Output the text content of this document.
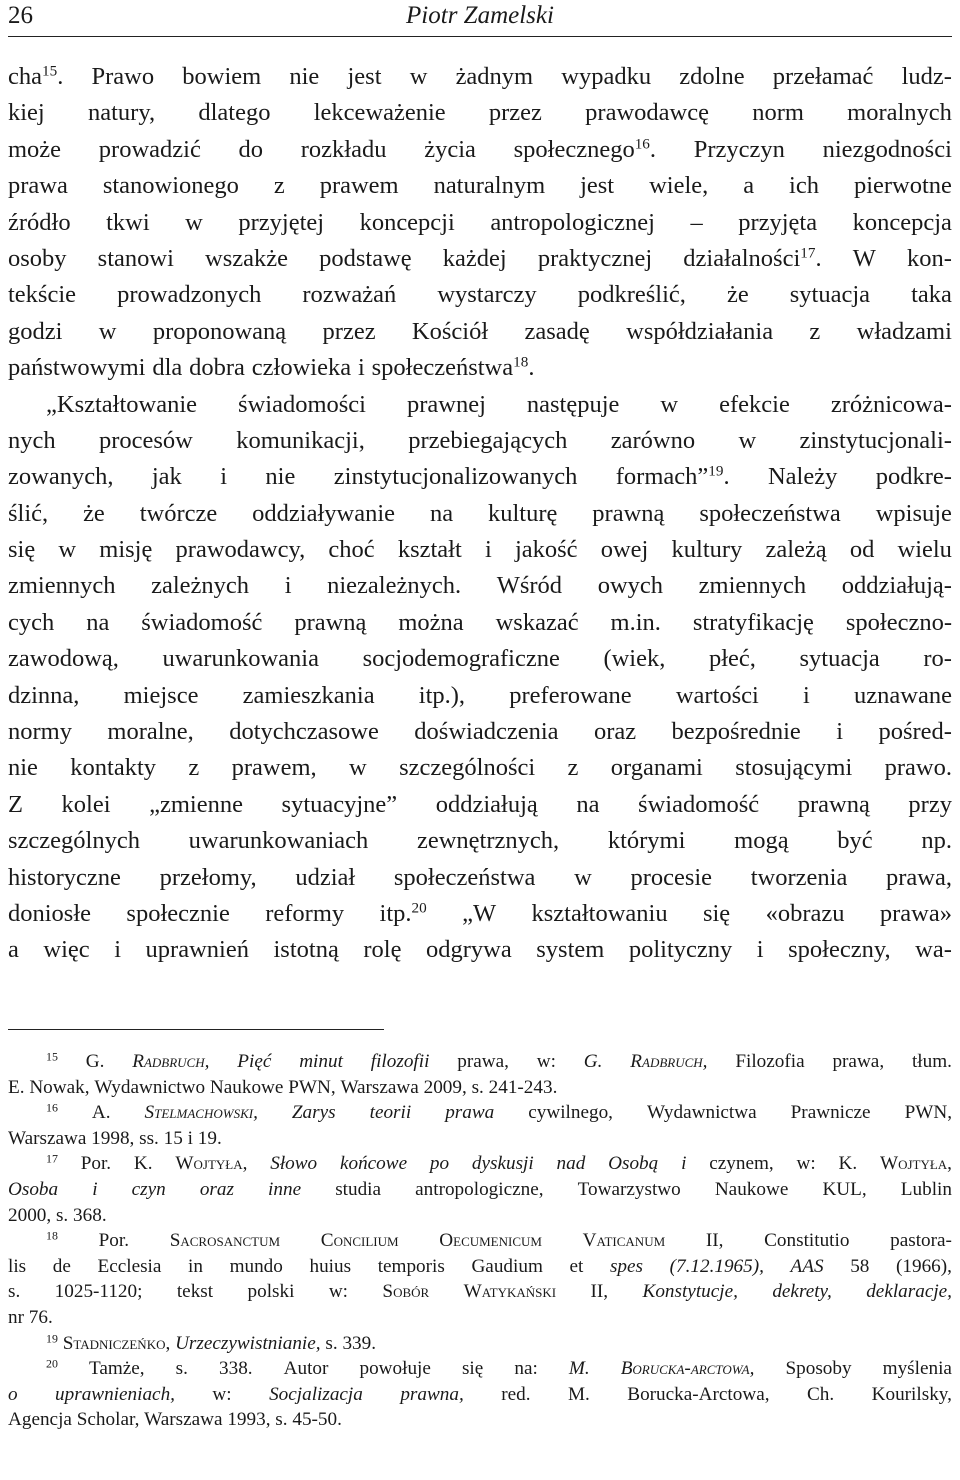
26	Piotr Zamelski
cha$^{15}$. Prawo bowiem nie jest w żadnym wypadku zdolne przełamać ludz-
kiej natury, dlatego lekceważenie przez prawodawcę norm moralnych
może prowadzić do rozkładu życia społecznego$^{16}$. Przyczyn niezgodności
prawa stanowionego z prawem naturalnym jest wiele, a ich pierwotne
źródło tkwi w przyjętej koncepcji antropologicznej – przyjęta koncepcja
osoby stanowi wszakże podstawę każdej praktycznej działalności$^{17}$. W kon-
tekście prowadzonych rozważań wystarczy podkreślić, że sytuacja taka
godzi w proponowaną przez Kościół zasadę współdziałania z władzami
państwowymi dla dobra człowieka i społeczeństwa$^{18}$.
„Kształtowanie świadomości prawnej następuje w efekcie zróżnicowa-
nych procesów komunikacji, przebiegających zarówno w zinstytucjonali-
zowanych, jak i nie zinstytucjonalizowanych formach”$^{19}$. Należy podkre-
ślić, że twórcze oddziaływanie na kulturę prawną społeczeństwa wpisuje
się w misję prawodawcy, choć kształt i jakość owej kultury zależą od wielu
zmiennych zależnych i niezależnych. Wśród owych zmiennych oddziałują-
cych na świadomość prawną można wskazać m.in. stratyfikację społeczno-
zawodową, uwarunkowania socjodemograficzne (wiek, płeć, sytuacja ro-
dzinna, miejsce zamieszkania itp.), preferowane wartości i uznawane
normy moralne, dotychczasowe doświadczenia oraz bezpośrednie i pośred-
nie kontakty z prawem, w szczególności z organami stosującymi prawo.
Z kolei „zmienne sytuacyjne” oddziałują na świadomość prawną przy
szczególnych uwarunkowaniach zewnętrznych, którymi mogą być np.
historyczne przełomy, udział społeczeństwa w procesie tworzenia prawa,
doniosłe społecznie reformy itp.$^{20}$ „W kształtowaniu się «obrazu prawa»
a więc i uprawnień istotną rolę odgrywa system polityczny i społeczny, wa-
$^{15}$ G. Radbruch, Pięć minut filozofii prawa, w: G. Radbruch, Filozofia prawa, tłum.
E. Nowak, Wydawnictwo Naukowe PWN, Warszawa 2009, s. 241-243.
$^{16}$ A. Stelmachowski, Zarys teorii prawa cywilnego, Wydawnictwa Prawnicze PWN,
Warszawa 1998, ss. 15 i 19.
$^{17}$ Por. K. Wojtyła, Słowo końcowe po dyskusji nad Osobą i czynem, w: K. Wojtyła,
Osoba i czyn oraz inne studia antropologiczne, Towarzystwo Naukowe KUL, Lublin
2000, s. 368.
$^{18}$ Por. Sacrosanctum Concilium Oecumenicum Vaticanum II, Constitutio pastora-
lis de Ecclesia in mundo huius temporis Gaudium et spes (7.12.1965), AAS 58 (1966),
s. 1025-1120; tekst polski w: Sobór Watykański II, Konstytucje, dekrety, deklaracje,
nr 76.
$^{19}$ Stadniczeńko, Urzeczywistnianie, s. 339.
$^{20}$ Tamże, s. 338. Autor powołuje się na: M. Borucka-arctowa, Sposoby myślenia
o uprawnieniach, w: Socjalizacja prawna, red. M. Borucka-Arctowa, Ch. Kourilsky,
Agencja Scholar, Warszawa 1993, s. 45-50.
